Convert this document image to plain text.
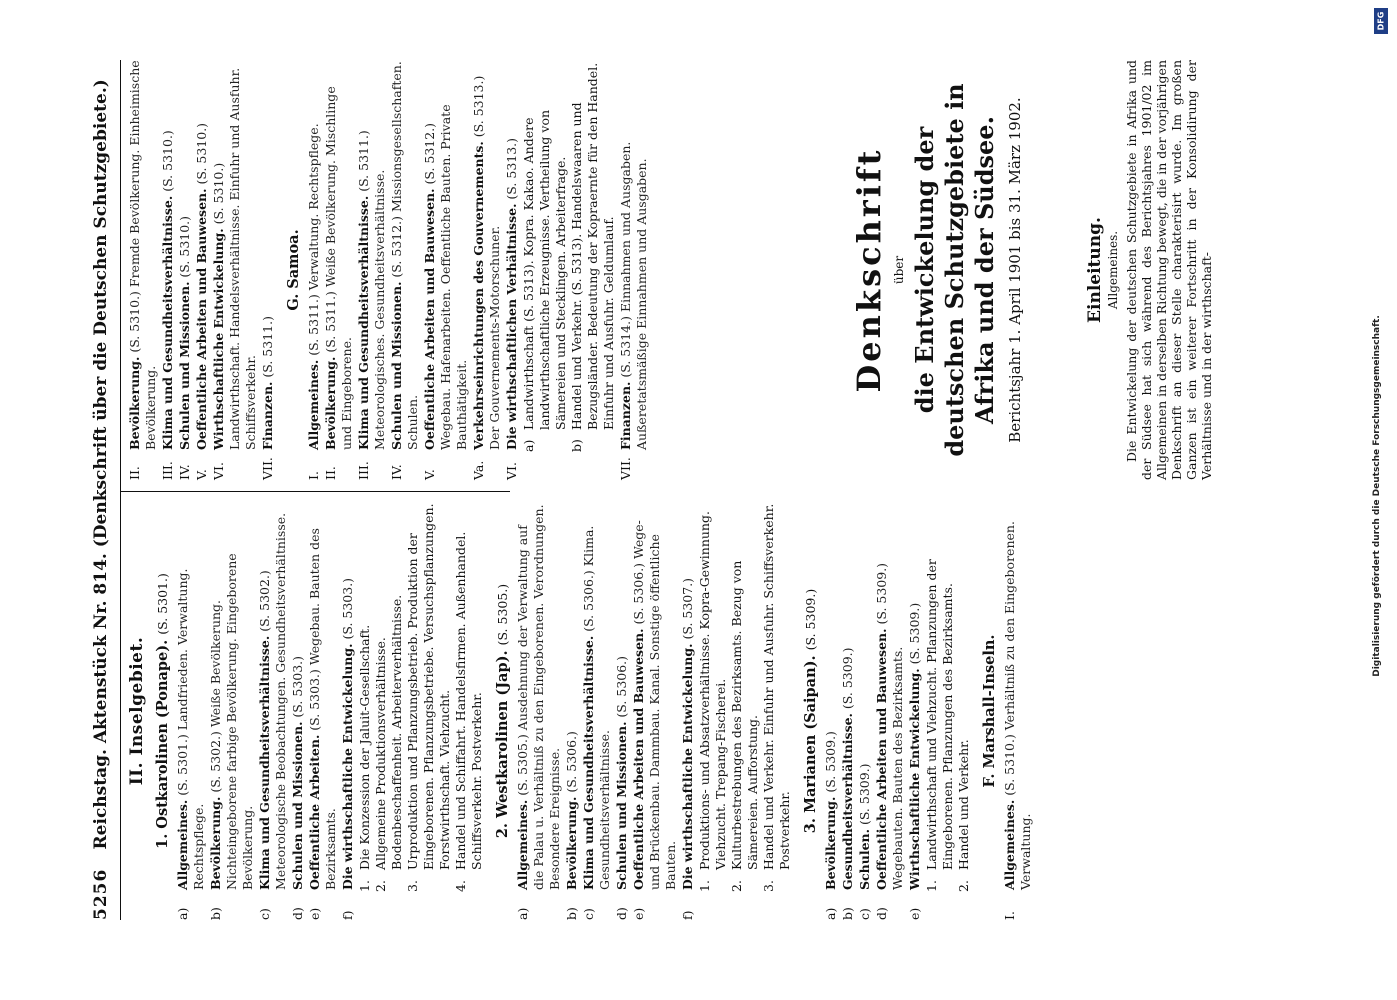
5256
Reichstag. Aktenstück Nr. 814. (Denkschrift über die Deutschen Schutzgebiete.) II. Inselgebiet. 1. Ostkarolinen (Ponape). (S. 5301.)
a)
Allgemeines. (S. 5301.) Landfrieden. Verwaltung. Rechtspflege.
b)
Bevölkerung. (S. 5302.) Weiße Bevölkerung. Nichteingeborene farbige Bevölkerung. Eingeborene Bevölkerung.
c)
Klima und Gesundheitsverhältnisse. (S. 5302.) Meteorologische Beobachtungen. Gesundheitsverhältnisse.
d)
Schulen und Missionen. (S. 5303.)
e)
Oeffentliche Arbeiten. (S. 5303.) Wegebau. Bauten des Bezirksamts.
f)
Die wirthschaftliche Entwickelung. (S. 5303.)
1.
Die Konzession der Jaluit-Gesellschaft.
2.
Allgemeine Produktionsverhältnisse. Bodenbeschaffenheit. Arbeiterverhältnisse.
3.
Urproduktion und Pflanzungsbetrieb. Produktion der Eingeborenen. Pflanzungsbetriebe. Versuchspflanzungen. Forstwirthschaft. Viehzucht.
4.
Handel und Schiffahrt. Handelsfirmen. Außenhandel. Schiffsverkehr. Postverkehr. 2. Westkarolinen (Jap). (S. 5305.)
a)
Allgemeines. (S. 5305.) Ausdehnung der Verwaltung auf die Palau u. Verhältniß zu den Eingeborenen. Verordnungen. Besondere Ereignisse.
b)
Bevölkerung. (S. 5306.)
c)
Klima und Gesundheitsverhältnisse. (S. 5306.) Klima. Gesundheitsverhältnisse.
d)
Schulen und Missionen. (S. 5306.)
e)
Oeffentliche Arbeiten und Bauwesen. (S. 5306.) Wege- und Brückenbau. Dammbau. Kanal. Sonstige öffentliche Bauten.
f)
Die wirthschaftliche Entwickelung. (S. 5307.)
1.
Produktions- und Absatzverhältnisse. Kopra-Gewinnung. Viehzucht. Trepang-Fischerei.
2.
Kulturbestrebungen des Bezirksamts. Bezug von Sämereien. Aufforstung.
3.
Handel und Verkehr. Einfuhr und Ausfuhr. Schiffsverkehr. Postverkehr. 3. Marianen (Saipan). (S. 5309.)
a)
Bevölkerung. (S. 5309.)
b)
Gesundheitsverhältnisse. (S. 5309.)
c)
Schulen. (S. 5309.)
d)
Oeffentliche Arbeiten und Bauwesen. (S. 5309.) Wegebauten. Bauten des Bezirksamts.
e)
Wirthschaftliche Entwickelung. (S. 5309.)
1.
Landwirthschaft und Viehzucht. Pflanzungen der Eingeborenen. Pflanzungen des Bezirksamts.
2.
Handel und Verkehr.
F. Marshall-Inseln.
I.
Allgemeines. (S. 5310.) Verhältniß zu den Eingeborenen. Verwaltung.
II.
Bevölkerung. (S. 5310.) Fremde Bevölkerung. Einheimische Bevölkerung.
III.
Klima und Gesundheitsverhältnisse. (S. 5310.)
IV.
Schulen und Missionen. (S. 5310.)
V.
Oeffentliche Arbeiten und Bauwesen. (S. 5310.)
VI.
Wirthschaftliche Entwickelung. (S. 5310.) Landwirthschaft. Handelsverhältnisse. Einfuhr und Ausfuhr. Schiffsverkehr.
VII.
Finanzen. (S. 5311.)
G. Samoa.
I.
Allgemeines. (S. 5311.) Verwaltung. Rechtspflege.
II.
Bevölkerung. (S. 5311.) Weiße Bevölkerung. Mischlinge und Eingeborene.
III.
Klima und Gesundheitsverhältnisse. (S. 5311.) Meteorologisches. Gesundheitsverhältnisse.
IV.
Schulen und Missionen. (S. 5312.) Missionsgesellschaften. Schulen.
V.
Oeffentliche Arbeiten und Bauwesen. (S. 5312.) Wegebau. Hafenarbeiten. Oeffentliche Bauten. Private Bauthätigkeit.
Va.
Verkehrseinrichtungen des Gouvernements. (S. 5313.) Der Gouvernements-Motorschuner.
VI.
Die wirthschaftlichen Verhältnisse. (S. 5313.)
a)
Landwirthschaft (S. 5313). Kopra. Kakao. Andere landwirthschaftliche Erzeugnisse. Vertheilung von Sämereien und Stecklingen. Arbeiterfrage.
b)
Handel und Verkehr. (S. 5313). Handelswaaren und Bezugsländer. Bedeutung der Kopraernte für den Handel. Einfuhr und Ausfuhr. Geldumlauf.
VII.
Finanzen. (S. 5314.) Einnahmen und Ausgaben. Außeretatsmäßige Einnahmen und Ausgaben.	Denkschrift über die Entwickelung der deutschen Schutzgebiete in Afrika und der Südsee. Berichtsjahr 1. April 1901 bis 31. März 1902.	Einleitung. Allgemeines. Die Entwickelung der deutschen Schutzgebiete in Afrika und der Südsee hat sich während des Berichtsjahres 1901/02 im Allgemeinen in derselben Richtung bewegt, die in der vorjährigen Denkschrift an dieser Stelle charakterisirt wurde. Im großen Ganzen ist ein weiterer Fortschritt in der Konsolidirung der Verhältnisse und in der wirthschaft-

DFG
Digitalisierung gefördert durch die Deutsche Forschungsgemeinschaft.
